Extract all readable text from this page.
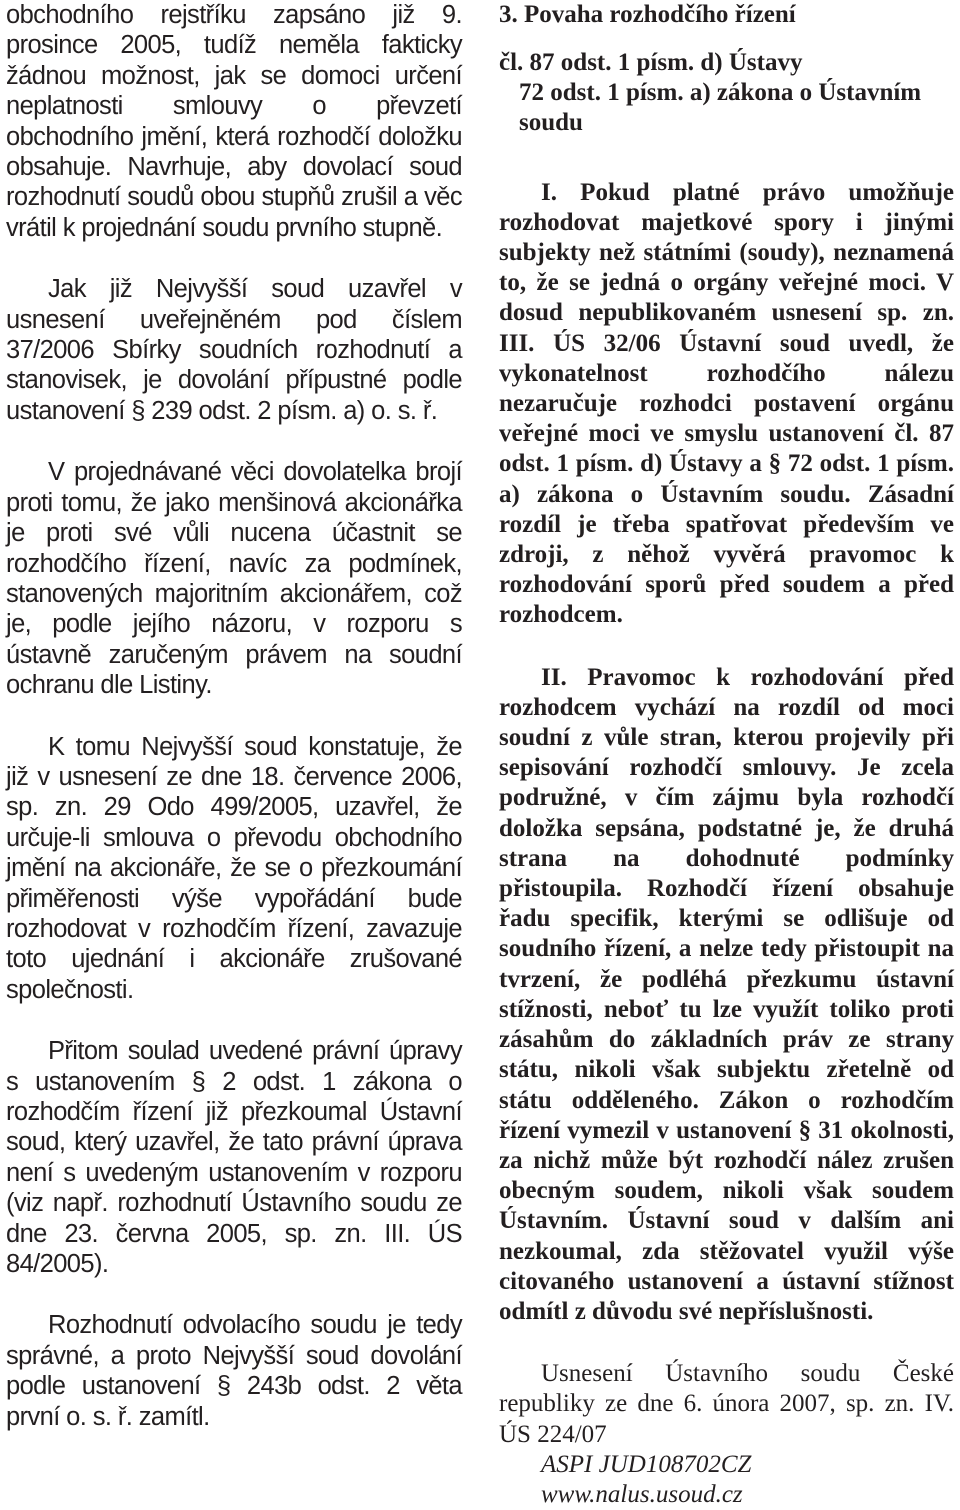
obchodního rejstříku zapsáno již 9. prosince 2005, tudíž neměla fakticky žádnou možnost, jak se domoci určení neplatnosti smlouvy o převzetí obchodního jmění, která rozhodčí doložku obsahuje. Navrhuje, aby dovolací soud rozhodnutí soudů obou stupňů zrušil a věc vrátil k projednání soudu prvního stupně.

Jak již Nejvyšší soud uzavřel v usnesení uveřejněném pod číslem 37/2006 Sbírky soudních rozhodnutí a stanovisek, je dovolání přípustné podle ustanovení § 239 odst. 2 písm. a) o. s. ř.

V projednávané věci dovolatelka brojí proti tomu, že jako menšinová akcionářka je proti své vůli nucena účastnit se rozhodčího řízení, navíc za podmínek, stanovených majoritním akcionářem, což je, podle jejího názoru, v rozporu s ústavně zaručeným právem na soudní ochranu dle Listiny.

K tomu Nejvyšší soud konstatuje, že již v usnesení ze dne 18. července 2006, sp. zn. 29 Odo 499/2005, uzavřel, že určuje-li smlouva o převodu obchodního jmění na akcionáře, že se o přezkoumání přiměřenosti výše vypořádání bude rozhodovat v rozhodčím řízení, zavazuje toto ujednání i akcionáře zrušované společnosti.

Přitom soulad uvedené právní úpravy s ustanovením § 2 odst. 1 zákona o rozhodčím řízení již přezkoumal Ústavní soud, který uzavřel, že tato právní úprava není s uvedeným ustanovením v rozporu (viz např. rozhodnutí Ústavního soudu ze dne 23. června 2005, sp. zn. III. ÚS 84/2005).

Rozhodnutí odvolacího soudu je tedy správné, a proto Nejvyšší soud dovolání podle ustanovení § 243b odst. 2 věta první o. s. ř. zamítl.

3. Povaha rozhodčího řízení

čl. 87 odst. 1 písm. d) Ústavy
72 odst. 1 písm. a) zákona o Ústavním
soudu

I. Pokud platné právo umožňuje rozhodovat majetkové spory i jinými subjekty než státními (soudy), neznamená to, že se jedná o orgány veřejné moci. V dosud nepublikovaném usnesení sp. zn. III. ÚS 32/06 Ústavní soud uvedl, že vykonatelnost rozhodčího nálezu nezaručuje rozhodci postavení orgánu veřejné moci ve smyslu ustanovení čl. 87 odst. 1 písm. d) Ústavy a § 72 odst. 1 písm. a) zákona o Ústavním soudu. Zásadní rozdíl je třeba spatřovat především ve zdroji, z něhož vyvěrá pravomoc k rozhodování sporů před soudem a před rozhodcem.

II. Pravomoc k rozhodování před rozhodcem vychází na rozdíl od moci soudní z vůle stran, kterou projevily při sepisování rozhodčí smlouvy. Je zcela podružné, v čím zájmu byla rozhodčí doložka sepsána, podstatné je, že druhá strana na dohodnuté podmínky přistoupila. Rozhodčí řízení obsahuje řadu specifik, kterými se odlišuje od soudního řízení, a nelze tedy přistoupit na tvrzení, že podléhá přezkumu ústavní stížnosti, neboť tu lze využít toliko proti zásahům do základních práv ze strany státu, nikoli však subjektu zřetelně od státu odděleného. Zákon o rozhodčím řízení vymezil v ustanovení § 31 okolnosti, za nichž může být rozhodčí nález zrušen obecným soudem, nikoli však soudem Ústavním. Ústavní soud v dalším ani nezkoumal, zda stěžovatel využil výše citovaného ustanovení a ústavní stížnost odmítl z důvodu své nepříslušnosti.

Usnesení Ústavního soudu České republiky ze dne 6. února 2007, sp. zn. IV. ÚS 224/07

ASPI JUD108702CZ
www.nalus.usoud.cz
